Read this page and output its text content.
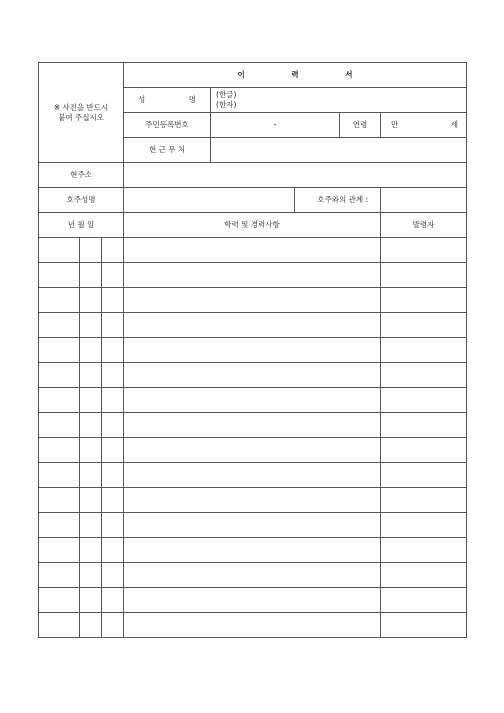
※ 사진을 반드시
붙여 주십시오			이 력 서				

			성 명	(한글)
(한자)			

			주민등록번호	-		연령	만 세

			현 근 무 처				
현주소							
호주성명					호주와의 관계 :		
년 월 일			학력 및 경력사항				발령자
